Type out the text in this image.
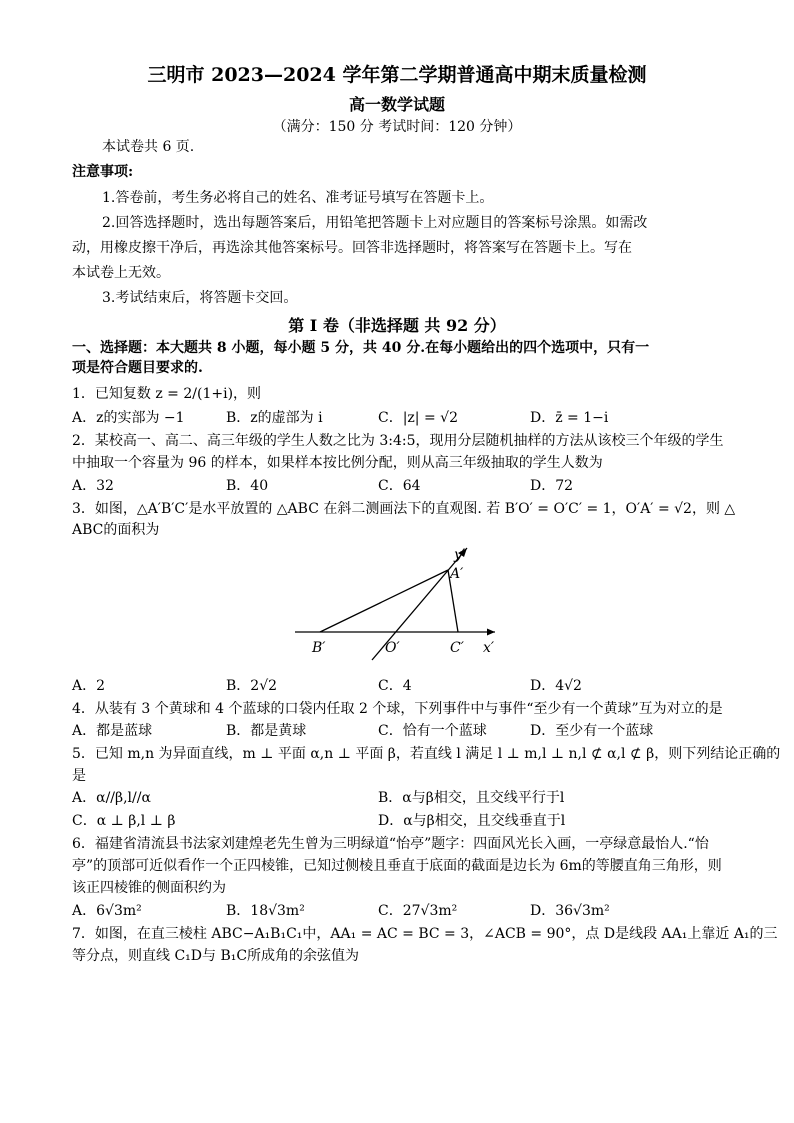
三明市 2023—2024 学年第二学期普通高中期末质量检测
高一数学试题
（满分：150 分 考试时间：120 分钟）
本试卷共 6 页.
注意事项:
1.答卷前，考生务必将自己的姓名、准考证号填写在答题卡上。
2.回答选择题时，选出每题答案后，用铅笔把答题卡上对应题目的答案标号涂黑。如需改
动，用橡皮擦干净后，再选涂其他答案标号。回答非选择题时，将答案写在答题卡上。写在
本试卷上无效。
3.考试结束后，将答题卡交回。
第 I 卷（非选择题 共 92 分）
一、选择题：本大题共 8 小题，每小题 5 分，共 40 分.在每小题给出的四个选项中，只有一
项是符合题目要求的.
1．已知复数 z = 2/(1+i)，则
A．z的实部为 −1	B．z的虚部为 i	C．|z| = √2	D．z̄ = 1−i
2．某校高一、高二、高三年级的学生人数之比为 3:4:5，现用分层随机抽样的方法从该校三个年级的学生
中抽取一个容量为 96 的样本，如果样本按比例分配，则从高三年级抽取的学生人数为
A．32	B．40	C．64	D．72
3．如图，△A′B′C′是水平放置的 △ABC 在斜二测画法下的直观图. 若 B′O′ = O′C′ = 1，O′A′ = √2，则 △
ABC的面积为
y′
A′
B′	O′	C′ x′
A．2	B．2√2	C．4	D．4√2
4．从装有 3 个黄球和 4 个蓝球的口袋内任取 2 个球，下列事件中与事件“至少有一个黄球”互为对立的是
A．都是蓝球	B．都是黄球	C．恰有一个蓝球	D．至少有一个蓝球
5．已知 m,n 为异面直线，m ⊥ 平面 α,n ⊥ 平面 β，若直线 l 满足 l ⊥ m,l ⊥ n,l ⊄ α,l ⊄ β，则下列结论正确的
是
A．α//β,l//α	B．α与β相交，且交线平行于l
C．α ⊥ β,l ⊥ β	D．α与β相交，且交线垂直于l
6．福建省清流县书法家刘建煌老先生曾为三明绿道“怡亭”题字：四面风光长入画，一亭绿意最怡人.“怡
亭”的顶部可近似看作一个正四棱锥，已知过侧棱且垂直于底面的截面是边长为 6m的等腰直角三角形，则
该正四棱锥的侧面积约为
A．6√3m²	B．18√3m²	C．27√3m²	D．36√3m²
7．如图，在直三棱柱 ABC−A₁B₁C₁中，AA₁ = AC = BC = 3，∠ACB = 90°，点 D是线段 AA₁上靠近 A₁的三
等分点，则直线 C₁D与 B₁C所成角的余弦值为
